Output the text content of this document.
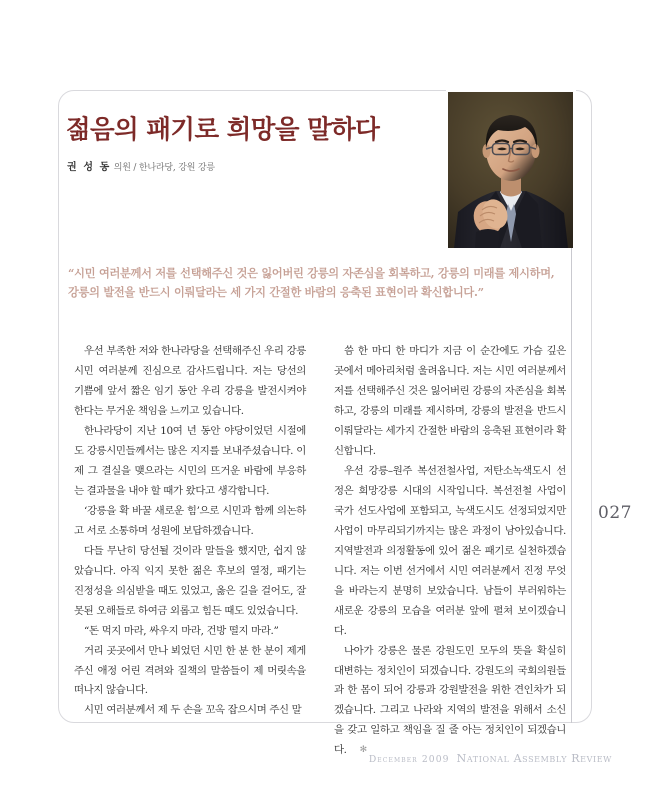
젊음의 패기로 희망을 말하다
권 성 동 의원 / 한나라당, 강원 강릉
“시민 여러분께서 저를 선택해주신 것은 잃어버린 강릉의 자존심을 회복하고, 강릉의 미래를 제시하며,
강릉의 발전을 반드시 이뤄달라는 세 가지 간절한 바람의 응축된 표현이라 확신합니다.”

우선 부족한 저와 한나라당을 선택해주신 우리 강릉시민 여러분께 진심으로 감사드립니다. 저는 당선의 기쁨에 앞서 짧은 임기 동안 우리 강릉을 발전시켜야 한다는 무거운 책임을 느끼고 있습니다.

한나라당이 지난 10여 년 동안 야당이었던 시절에도 강릉시민들께서는 많은 지지를 보내주셨습니다. 이제 그 결실을 맺으라는 시민의 뜨거운 바람에 부응하는 결과물을 내야 할 때가 왔다고 생각합니다.

‘강릉을 확 바꿀 새로운 힘’으로 시민과 함께 의논하고 서로 소통하며 성원에 보답하겠습니다.

다들 무난히 당선될 것이라 말들을 했지만, 쉽지 않았습니다. 아직 익지 못한 젊은 후보의 열정, 패기는 진정성을 의심받을 때도 있었고, 옳은 길을 걸어도, 잘못된 오해들로 하여금 외롭고 힘든 때도 있었습니다.

“돈 먹지 마라, 싸우지 마라, 건방 떨지 마라.”

거리 곳곳에서 만나 뵈었던 시민 한 분 한 분이 제게 주신 애정 어린 격려와 질책의 말씀들이 제 머릿속을 떠나지 않습니다.

시민 여러분께서 제 두 손을 꼬옥 잡으시며 주신 말

씀 한 마디 한 마디가 지금 이 순간에도 가슴 깊은 곳에서 메아리처럼 울려옵니다. 저는 시민 여러분께서 저를 선택해주신 것은 잃어버린 강릉의 자존심을 회복하고, 강릉의 미래를 제시하며, 강릉의 발전을 반드시 이뤄달라는 세가지 간절한 바람의 응축된 표현이라 확신합니다.

우선 강릉–원주 복선전철사업, 저탄소녹색도시 선정은 희망강릉 시대의 시작입니다. 복선전철 사업이 국가 선도사업에 포함되고, 녹색도시도 선정되었지만 사업이 마무리되기까지는 많은 과정이 남아있습니다. 지역발전과 의정활동에 있어 젊은 패기로 실천하겠습니다. 저는 이번 선거에서 시민 여러분께서 진정 무엇을 바라는지 분명히 보았습니다. 남들이 부러워하는 새로운 강릉의 모습을 여러분 앞에 펼쳐 보이겠습니다.

나아가 강릉은 물론 강원도민 모두의 뜻을 확실히 대변하는 정치인이 되겠습니다. 강원도의 국회의원들과 한 몸이 되어 강릉과 강원발전을 위한 견인차가 되겠습니다. 그리고 나라와 지역의 발전을 위해서 소신을 갖고 일하고 책임을 질 줄 아는 정치인이 되겠습니다. ✻

027
December 2009 National Assembly Review
